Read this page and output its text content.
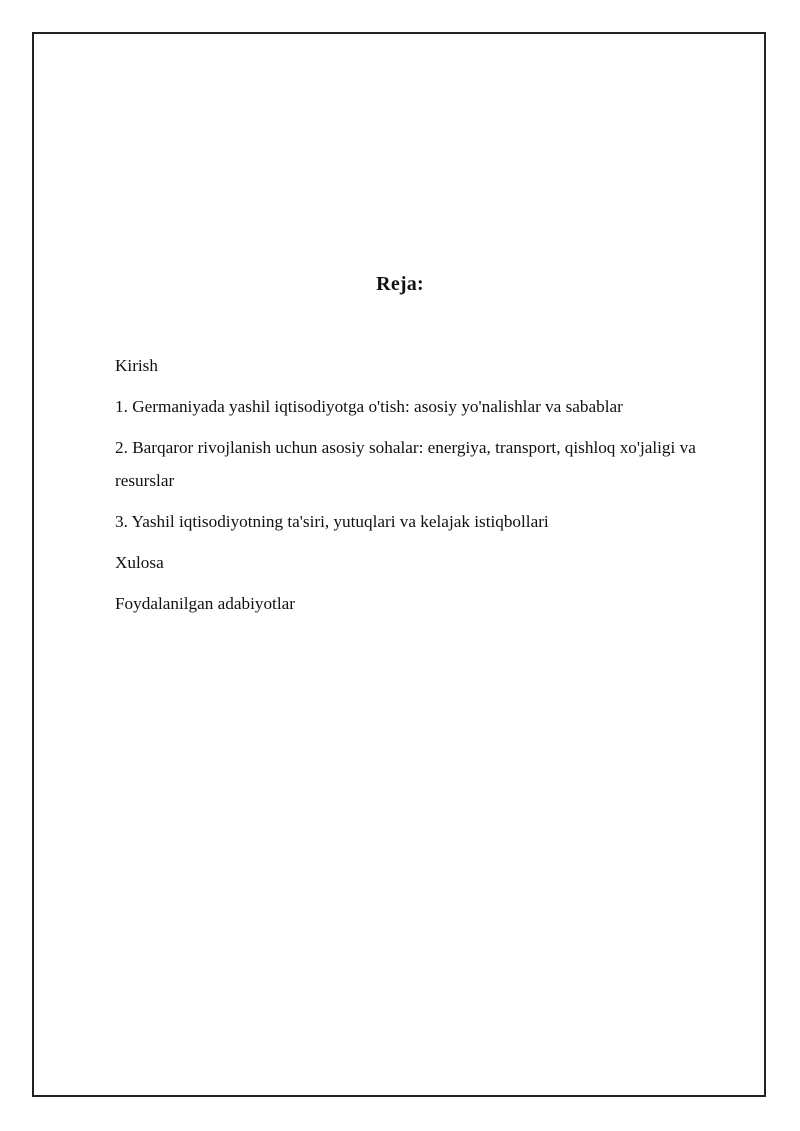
Reja:

Kirish

1. Germaniyada yashil iqtisodiyotga o'tish: asosiy yo'nalishlar va sabablar

2. Barqaror rivojlanish uchun asosiy sohalar: energiya, transport, qishloq xo'jaligi va resurslar

3. Yashil iqtisodiyotning ta'siri, yutuqlari va kelajak istiqbollari

Xulosa

Foydalanilgan adabiyotlar
